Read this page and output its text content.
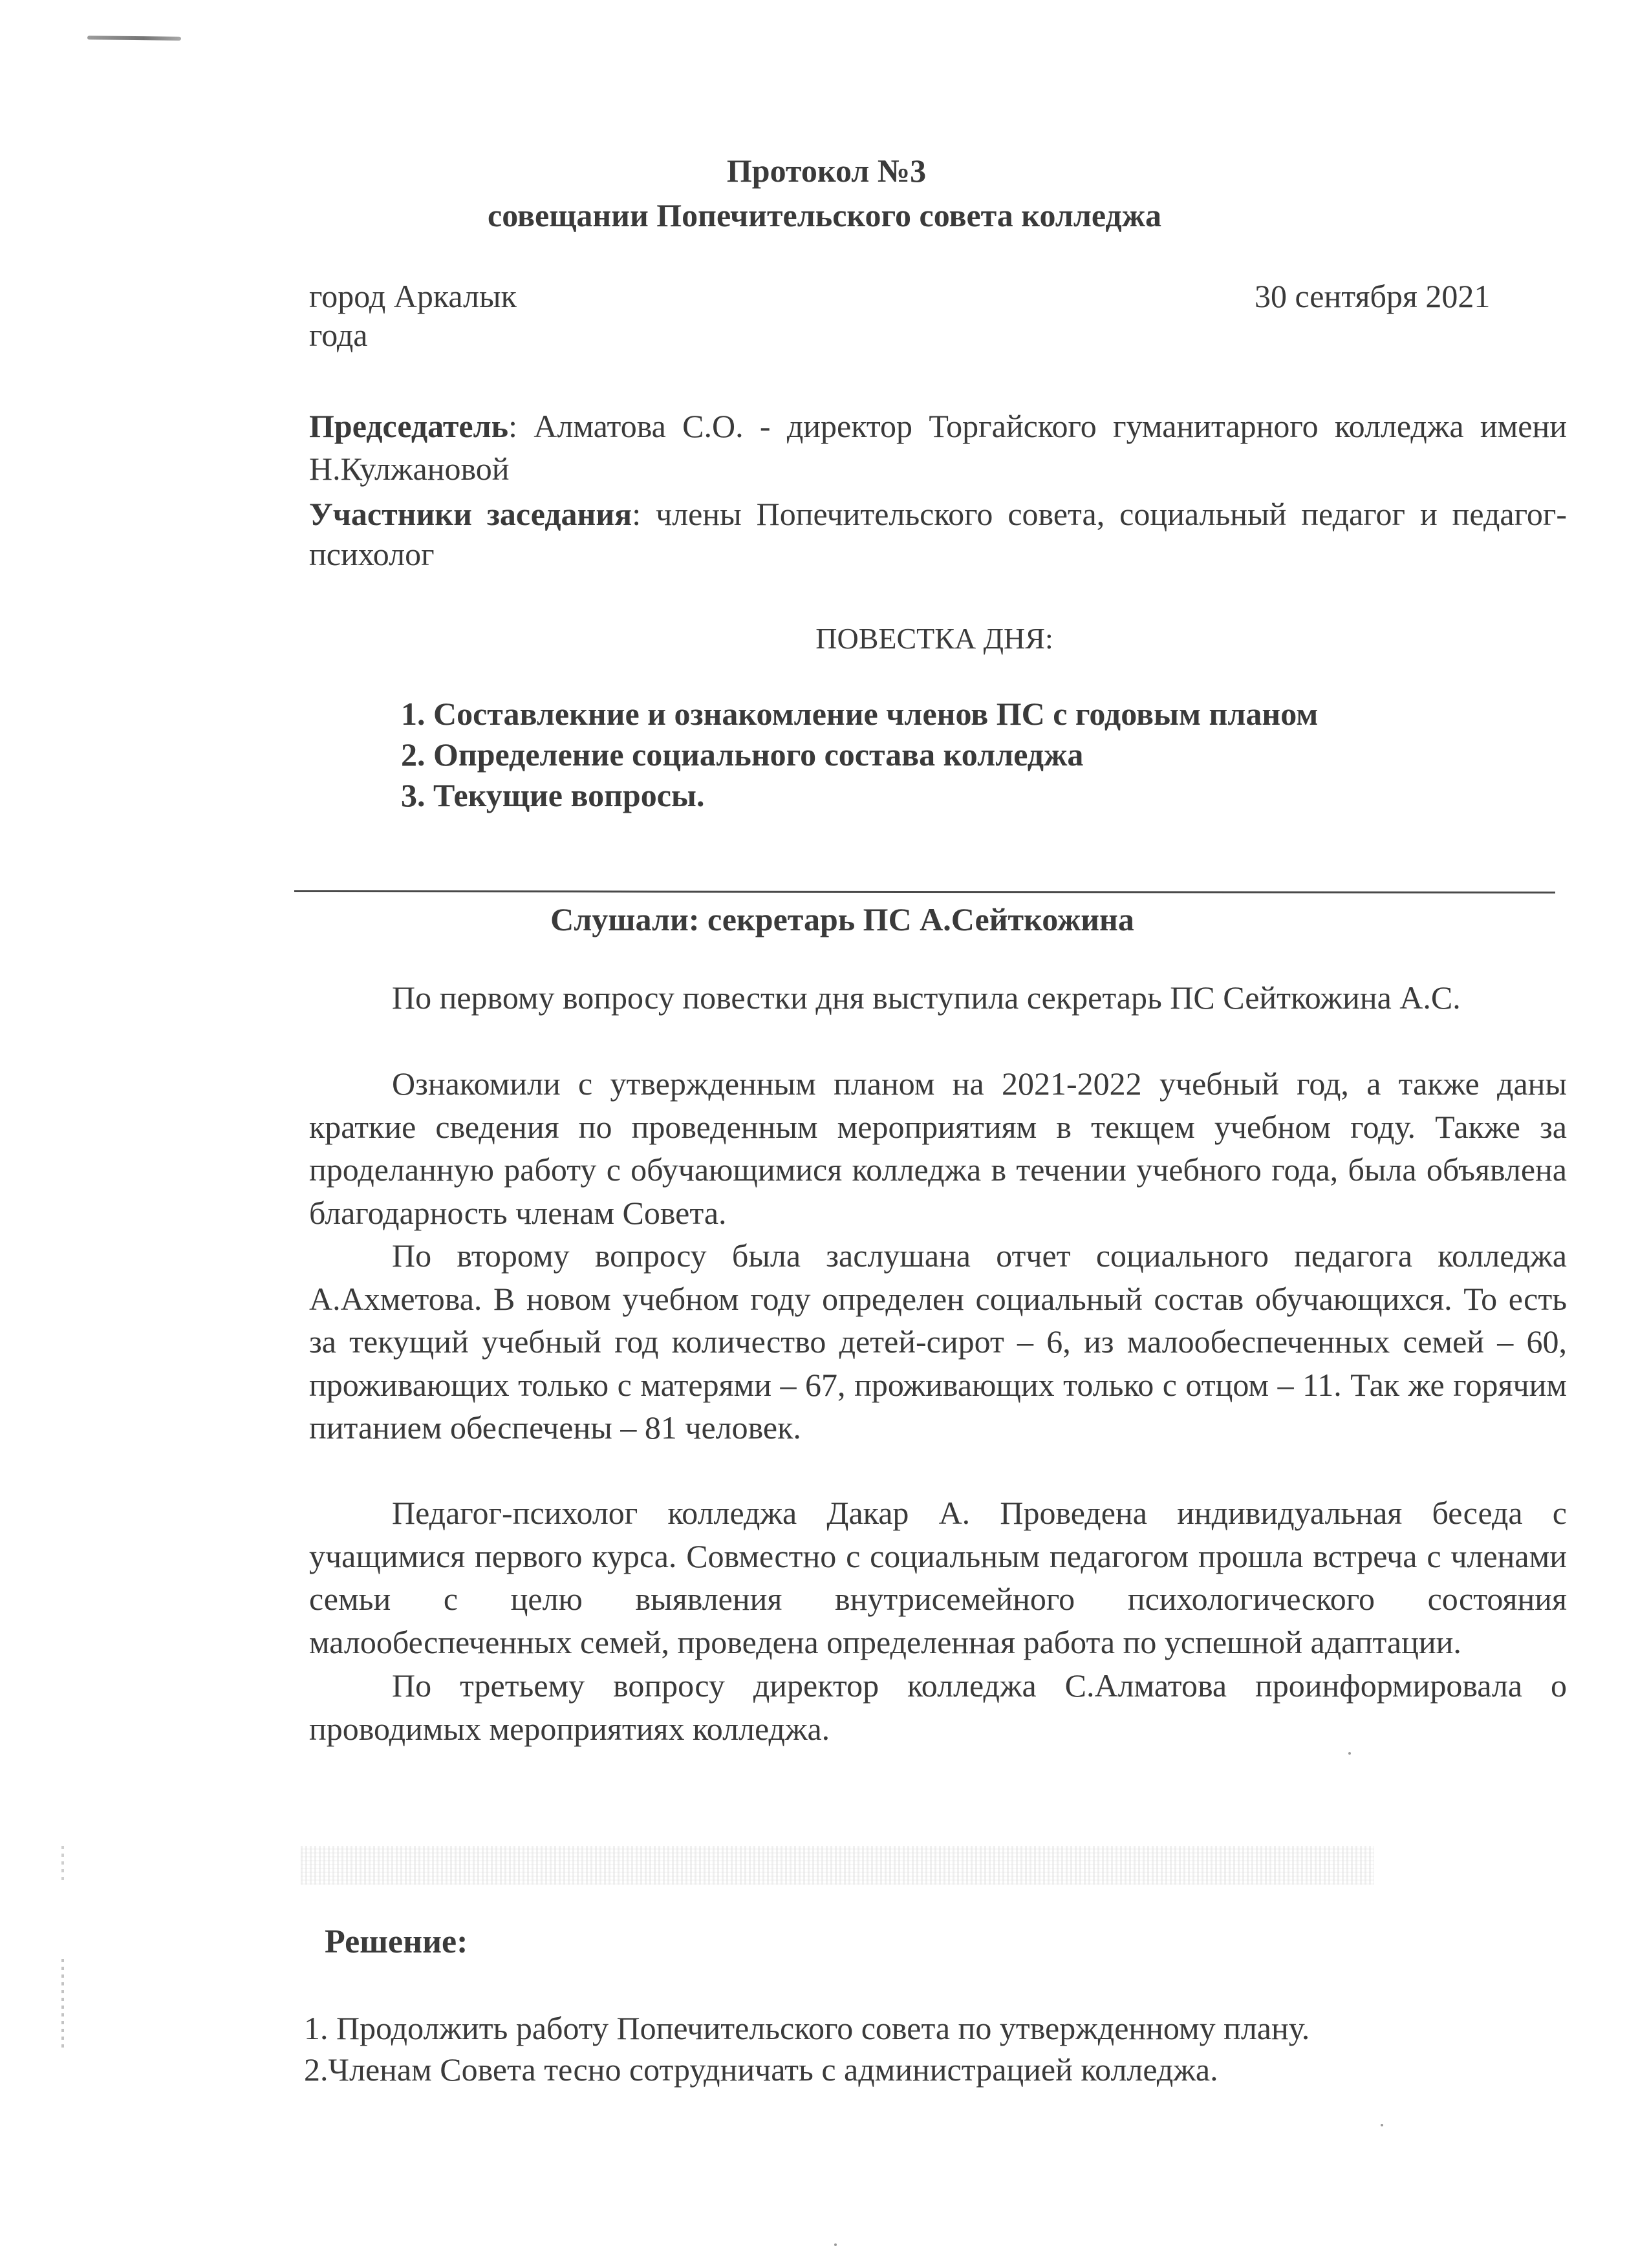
Протокол №3
совещании Попечительского совета колледжа
город Аркалык
года
30 сентября 2021
Председатель: Алматова С.О. - директор Торгайского гуманитарного колледжа имени Н.Кулжановой
Участники заседания: члены Попечительского совета, социальный педагог и педагог-психолог
ПОВЕСТКА ДНЯ:
1. Составлекние и ознакомление членов ПС с годовым планом
2. Определение социального состава колледжа
3. Текущие вопросы.
Слушали: секретарь ПС А.Сейткожина

По первому вопросу повестки дня выступила секретарь ПС Сейткожина А.С.

Ознакомили с утвержденным планом на 2021-2022 учебный год, а также даны краткие сведения по проведенным мероприятиям в текщем учебном году. Также за проделанную работу с обучающимися колледжа в течении учебного года, была объявлена благодарность членам Совета.

По второму вопросу была заслушана отчет социального педагога колледжа А.Ахметова. В новом учебном году определен социальный состав обучающихся. То есть за текущий учебный год количество детей-сирот – 6, из малообеспеченных семей – 60, проживающих только с матерями – 67, проживающих только с отцом – 11. Так же горячим питанием обеспечены – 81 человек.

Педагог-психолог колледжа Дакар А. Проведена индивидуальная беседа с учащимися первого курса. Совместно с социальным педагогом прошла встреча с членами семьи с целю выявления внутрисемейного психологического состояния малообеспеченных семей, проведена определенная работа по успешной адаптации.

По третьему вопросу директор колледжа С.Алматова проинформировала о проводимых мероприятиях колледжа.

Решение:
1. Продолжить работу Попечительского совета по утвержденному плану.
2.Членам Совета тесно сотрудничать с администрацией колледжа.
